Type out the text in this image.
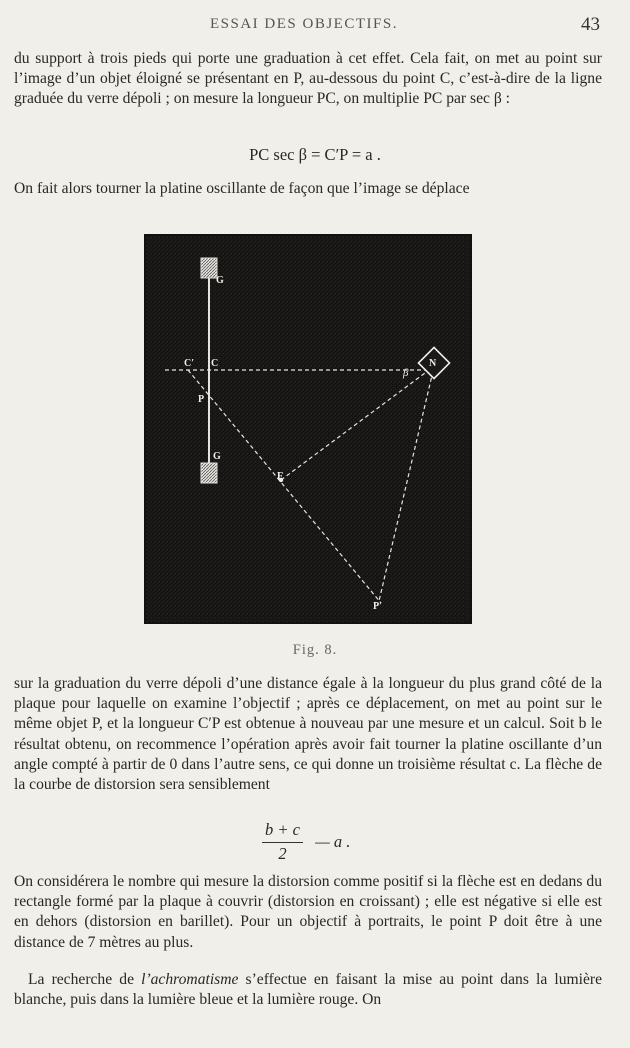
ESSAI DES OBJECTIFS.	43

du support à trois pieds qui porte une graduation à cet effet. Cela fait, on met au point sur l’image d’un objet éloigné se présentant en P, au-dessous du point C, c’est-à-dire de la ligne graduée du verre dépoli ; on mesure la longueur PC, on multiplie PC par sec β :

PC sec β = C′P = a .

On fait alors tourner la platine oscillante de façon que l’image se déplace

G
G
C′ C
P
F
N
β
P′
Fig. 8.

sur la graduation du verre dépoli d’une distance égale à la longueur du plus grand côté de la plaque pour laquelle on examine l’objectif ; après ce déplacement, on met au point sur le même objet P, et la longueur C′P est obtenue à nouveau par une mesure et un calcul. Soit b le résultat obtenu, on recommence l’opération après avoir fait tourner la platine oscillante d’un angle compté à partir de 0 dans l’autre sens, ce qui donne un troisième résultat c. La flèche de la courbe de distorsion sera sensiblement

$\frac{b + c}{2}$ — a .

On considérera le nombre qui mesure la distorsion comme positif si la flèche est en dedans du rectangle formé par la plaque à couvrir (distorsion en croissant) ; elle est négative si elle est en dehors (distorsion en barillet). Pour un objectif à portraits, le point P doit être à une distance de 7 mètres au plus.

La recherche de l’achromatisme s’effectue en faisant la mise au point dans la lumière blanche, puis dans la lumière bleue et la lumière rouge. On
